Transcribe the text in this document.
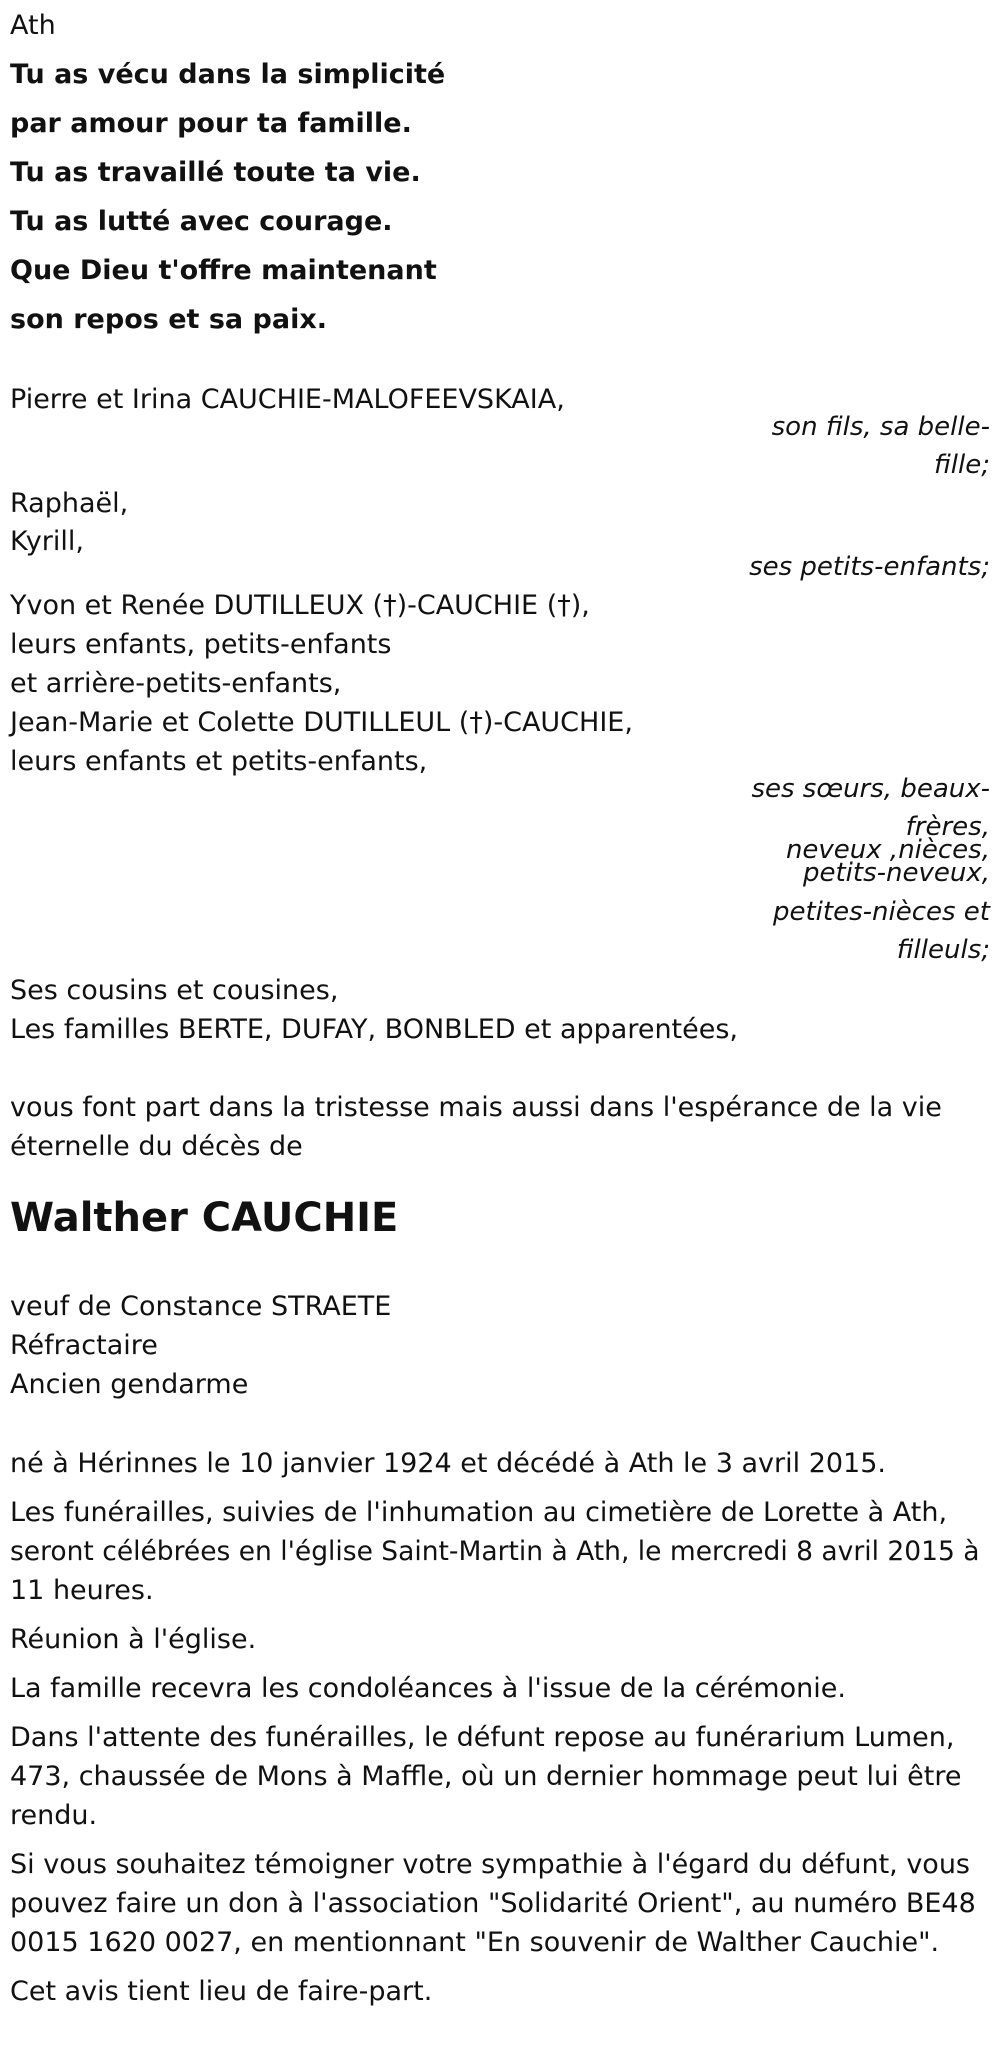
Ath
Tu as vécu dans la simplicité
par amour pour ta famille.
Tu as travaillé toute ta vie.
Tu as lutté avec courage.
Que Dieu t'offre maintenant
son repos et sa paix.
Pierre et Irina CAUCHIE-MALOFEEVSKAIA,
son fils, sa belle-
fille;
Raphaël,
Kyrill,
ses petits-enfants;
Yvon et Renée DUTILLEUX (†)-CAUCHIE (†),
leurs enfants, petits-enfants
et arrière-petits-enfants,
Jean-Marie et Colette DUTILLEUL (†)-CAUCHIE,
leurs enfants et petits-enfants,
ses sœurs, beaux-
frères,
neveux ,nièces,
petits-neveux,
petites-nièces et
filleuls;
Ses cousins et cousines,
Les familles BERTE, DUFAY, BONBLED et apparentées,
vous font part dans la tristesse mais aussi dans l'espérance de la vie
éternelle du décès de
Walther CAUCHIE
veuf de Constance STRAETE
Réfractaire
Ancien gendarme
né à Hérinnes le 10 janvier 1924 et décédé à Ath le 3 avril 2015.
Les funérailles, suivies de l'inhumation au cimetière de Lorette à Ath,
seront célébrées en l'église Saint-Martin à Ath, le mercredi 8 avril 2015 à
11 heures.
Réunion à l'église.
La famille recevra les condoléances à l'issue de la cérémonie.
Dans l'attente des funérailles, le défunt repose au funérarium Lumen,
473, chaussée de Mons à Maffle, où un dernier hommage peut lui être
rendu.
Si vous souhaitez témoigner votre sympathie à l'égard du défunt, vous
pouvez faire un don à l'association "Solidarité Orient", au numéro BE48
0015 1620 0027, en mentionnant "En souvenir de Walther Cauchie".
Cet avis tient lieu de faire-part.
